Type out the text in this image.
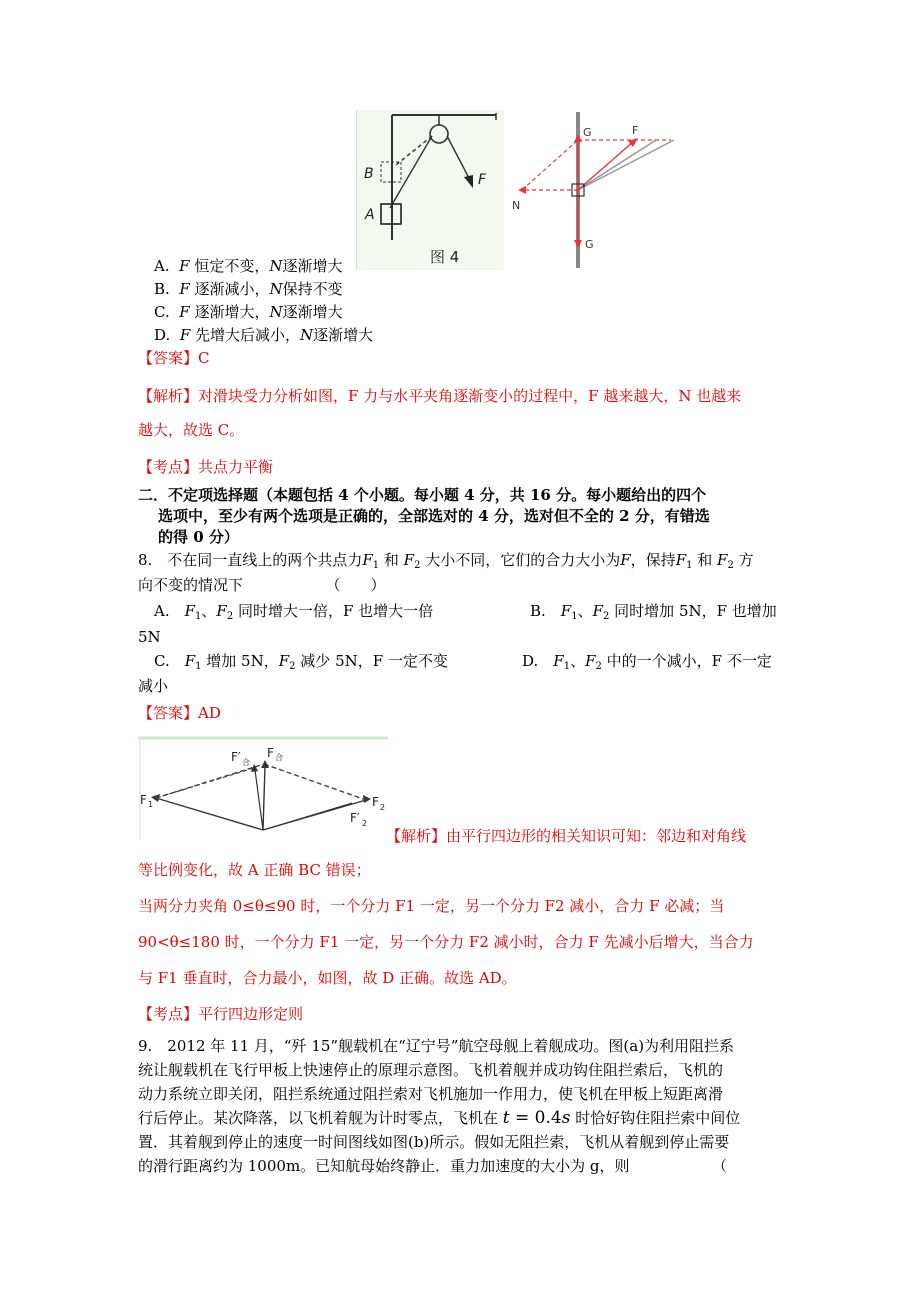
B
A
F
图 4
G	F
N
G
A. F 恒定不变，N逐渐增大
B. F 逐渐减小，N保持不变
C. F 逐渐增大，N逐渐增大
D. F 先增大后减小，N逐渐增大
【答案】C
【解析】对滑块受力分析如图，F 力与水平夹角逐渐变小的过程中，F 越来越大，N 也越来
越大，故选 C。
【考点】共点力平衡
二．不定项选择题（本题包括 4 个小题。每小题 4 分，共 16 分。每小题给出的四个
选项中，至少有两个选项是正确的，全部选对的 4 分，选对但不全的 2 分，有错选
的得 0 分）
8.　不在同一直线上的两个共点力$F_1$ 和 $F_2$ 大小不同，它们的合力大小为F，保持$F_1$ 和 $F_2$ 方
向不变的情况下　　　　　　（　　）
A.　$F_1$、$F_2$ 同时增大一倍，F 也增大一倍	B.　$F_1$、$F_2$ 同时增加 5N，F 也增加
5N
C.　$F_1$ 增加 5N，$F_2$ 减少 5N，F 一定不变	D.　$F_1$、$F_2$ 中的一个减小，F 不一定
减小
【答案】AD
F 1	F 2
F 合
F′ 合
F′ 2
【解析】由平行四边形的相关知识可知：邻边和对角线
等比例变化，故 A 正确 BC 错误；
当两分力夹角 0≤θ≤90 时，一个分力 F1 一定，另一个分力 F2 减小，合力 F 必减；当
90<θ≤180 时，一个分力 F1 一定，另一个分力 F2 减小时，合力 F 先减小后增大，当合力
与 F1 垂直时，合力最小，如图，故 D 正确。故选 AD。
【考点】平行四边形定则
9.　2012 年 11 月，“歼 15”舰载机在“辽宁号”航空母舰上着舰成功。图(a)为利用阻拦系
统让舰载机在飞行甲板上快速停止的原理示意图。飞机着舰并成功钩住阻拦索后，飞机的
动力系统立即关闭，阻拦系统通过阻拦索对飞机施加一作用力，使飞机在甲板上短距离滑
行后停止。某次降落，以飞机着舰为计时零点，飞机在 t = 0.4s 时恰好钩住阻拦索中间位
置．其着舰到停止的速度一时间图线如图(b)所示。假如无阻拦索，飞机从着舰到停止需要
的滑行距离约为 1000m。已知航母始终静止．重力加速度的大小为 g，则　　　　　　（
